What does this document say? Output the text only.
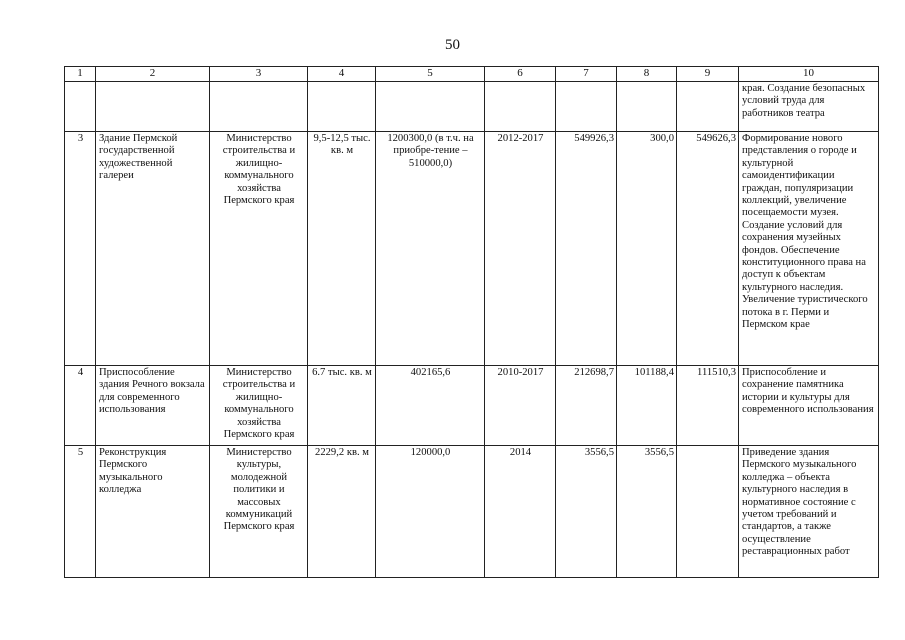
50
1	2	3	4	5	6	7	8	9	10
									края. Создание безопасных условий труда для работников театра
3	Здание Пермской государственной художественной галереи	Министерство строительства и жилищно-коммунального хозяйства Пермского края	9,5-12,5 тыс. кв. м	1200300,0 (в т.ч. на приобре-тение – 510000,0)	2012-2017	549926,3	300,0	549626,3	Формирование нового представления о городе и культурной самоидентификации граждан, популяризации коллекций, увеличение посещаемости музея. Создание условий для сохранения музейных фондов. Обеспечение конституционного права на доступ к объектам культурного наследия. Увеличение туристического потока в г. Перми и Пермском крае
4	Приспособление здания Речного вокзала для современного использования	Министерство строительства и жилищно-коммунального хозяйства Пермского края	6.7 тыс. кв. м	402165,6	2010-2017	212698,7	101188,4	111510,3	Приспособление и сохранение памятника истории и культуры для современного использования
5	Реконструкция Пермского музыкального колледжа	Министерство культуры, молодежной политики и массовых коммуникаций Пермского края	2229,2 кв. м	120000,0	2014	3556,5	3556,5		Приведение здания Пермского музыкального колледжа – объекта культурного наследия в нормативное состояние с учетом требований и стандартов, а также осуществление реставрационных работ
